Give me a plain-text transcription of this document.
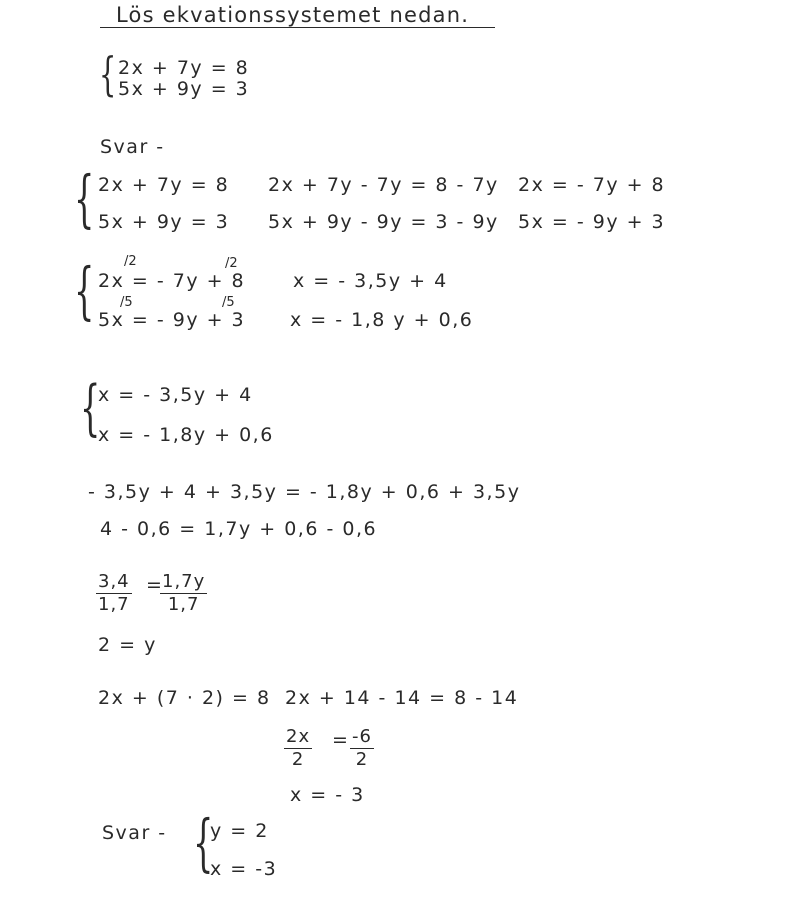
Lös ekvationssystemet nedan.
{ 2x + 7y = 8
5x + 9y = 3
Svar -
{ 2x + 7y = 8
5x + 9y = 3
2x + 7y - 7y = 8 - 7y
5x + 9y - 9y = 3 - 9y
2x = - 7y + 8
5x = - 9y + 3
{ /2	/2
2x = - 7y + 8
/5	/5
5x = - 9y + 3
x = - 3,5y + 4
x = - 1,8 y + 0,6
{
x = - 3,5y + 4
x = - 1,8y + 0,6
- 3,5y + 4 + 3,5y = - 1,8y + 0,6 + 3,5y
4 - 0,6 = 1,7y + 0,6 - 0,6
$\frac{3,4}{1,7}$ =
$\frac{1,7y}{1,7}$
2 = y
2x + (7 · 2) = 8 2x + 14 - 14 = 8 - 14
$\frac{2x}{2} = \frac{-6}{2}$
x = - 3
Svar - {
y = 2
x = -3
